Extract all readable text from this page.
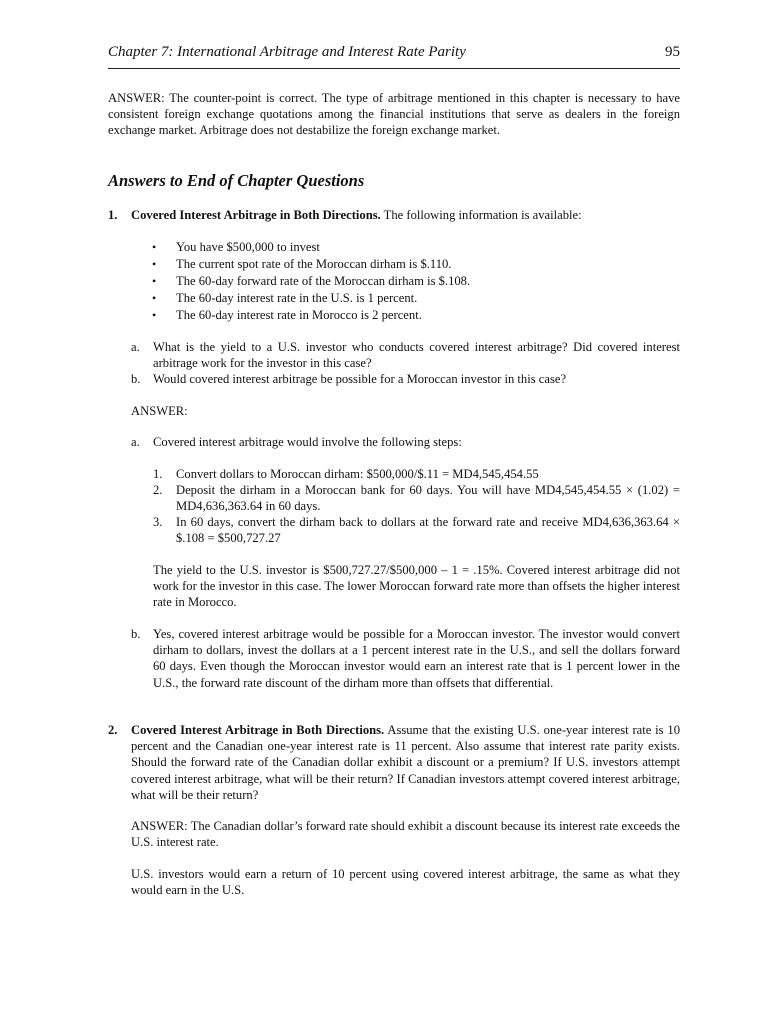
Chapter 7: International Arbitrage and Interest Rate Parity	95
ANSWER: The counter-point is correct. The type of arbitrage mentioned in this chapter is necessary to have consistent foreign exchange quotations among the financial institutions that serve as dealers in the foreign exchange market. Arbitrage does not destabilize the foreign exchange market.
Answers to End of Chapter Questions
1. Covered Interest Arbitrage in Both Directions. The following information is available:
• You have $500,000 to invest
• The current spot rate of the Moroccan dirham is $.110.
• The 60-day forward rate of the Moroccan dirham is $.108.
• The 60-day interest rate in the U.S. is 1 percent.
• The 60-day interest rate in Morocco is 2 percent.
a. What is the yield to a U.S. investor who conducts covered interest arbitrage? Did covered interest arbitrage work for the investor in this case?
b. Would covered interest arbitrage be possible for a Moroccan investor in this case?
ANSWER:
a. Covered interest arbitrage would involve the following steps:
1. Convert dollars to Moroccan dirham: $500,000/$.11 = MD4,545,454.55
2. Deposit the dirham in a Moroccan bank for 60 days. You will have MD4,545,454.55 × (1.02) = MD4,636,363.64 in 60 days.
3. In 60 days, convert the dirham back to dollars at the forward rate and receive MD4,636,363.64 × $.108 = $500,727.27
The yield to the U.S. investor is $500,727.27/$500,000 – 1 = .15%. Covered interest arbitrage did not work for the investor in this case. The lower Moroccan forward rate more than offsets the higher interest rate in Morocco.
b. Yes, covered interest arbitrage would be possible for a Moroccan investor. The investor would convert dirham to dollars, invest the dollars at a 1 percent interest rate in the U.S., and sell the dollars forward 60 days. Even though the Moroccan investor would earn an interest rate that is 1 percent lower in the U.S., the forward rate discount of the dirham more than offsets that differential.
2. Covered Interest Arbitrage in Both Directions. Assume that the existing U.S. one-year interest rate is 10 percent and the Canadian one-year interest rate is 11 percent. Also assume that interest rate parity exists. Should the forward rate of the Canadian dollar exhibit a discount or a premium? If U.S. investors attempt covered interest arbitrage, what will be their return? If Canadian investors attempt covered interest arbitrage, what will be their return?
ANSWER: The Canadian dollar’s forward rate should exhibit a discount because its interest rate exceeds the U.S. interest rate.
U.S. investors would earn a return of 10 percent using covered interest arbitrage, the same as what they would earn in the U.S.
